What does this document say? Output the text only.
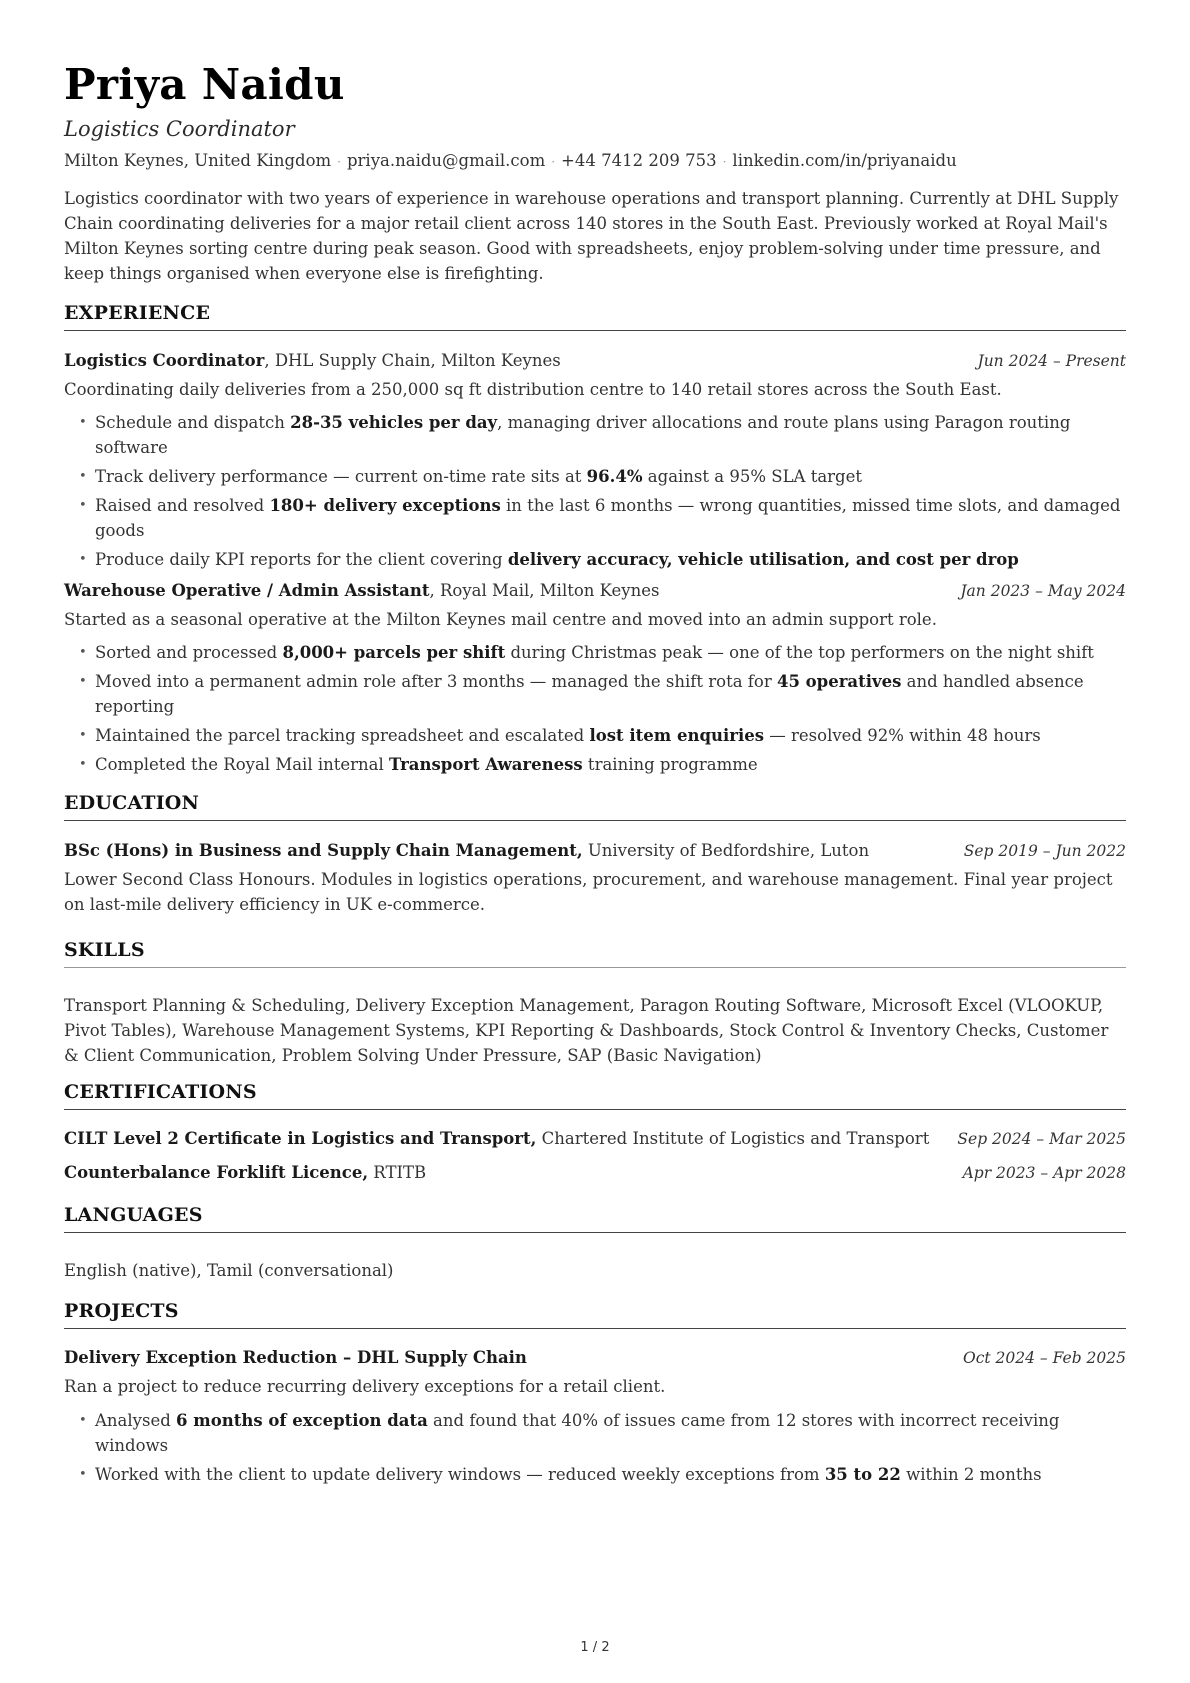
Priya Naidu
Logistics Coordinator
Milton Keynes, United Kingdom · priya.naidu@gmail.com · +44 7412 209 753 · linkedin.com/in/priyanaidu
Logistics coordinator with two years of experience in warehouse operations and transport planning. Currently at DHL Supply Chain coordinating deliveries for a major retail client across 140 stores in the South East. Previously worked at Royal Mail's Milton Keynes sorting centre during peak season. Good with spreadsheets, enjoy problem-solving under time pressure, and keep things organised when everyone else is firefighting.
EXPERIENCE
Logistics Coordinator, DHL Supply Chain, Milton Keynes	Jun 2024 – Present
Coordinating daily deliveries from a 250,000 sq ft distribution centre to 140 retail stores across the South East.
• Schedule and dispatch 28-35 vehicles per day, managing driver allocations and route plans using Paragon routing software
• Track delivery performance — current on-time rate sits at 96.4% against a 95% SLA target
• Raised and resolved 180+ delivery exceptions in the last 6 months — wrong quantities, missed time slots, and damaged goods
• Produce daily KPI reports for the client covering delivery accuracy, vehicle utilisation, and cost per drop
Warehouse Operative / Admin Assistant, Royal Mail, Milton Keynes	Jan 2023 – May 2024
Started as a seasonal operative at the Milton Keynes mail centre and moved into an admin support role.
• Sorted and processed 8,000+ parcels per shift during Christmas peak — one of the top performers on the night shift
• Moved into a permanent admin role after 3 months — managed the shift rota for 45 operatives and handled absence reporting
• Maintained the parcel tracking spreadsheet and escalated lost item enquiries — resolved 92% within 48 hours
• Completed the Royal Mail internal Transport Awareness training programme
EDUCATION
BSc (Hons) in Business and Supply Chain Management, University of Bedfordshire, Luton	Sep 2019 – Jun 2022
Lower Second Class Honours. Modules in logistics operations, procurement, and warehouse management. Final year project on last-mile delivery efficiency in UK e-commerce.
SKILLS
Transport Planning & Scheduling, Delivery Exception Management, Paragon Routing Software, Microsoft Excel (VLOOKUP, Pivot Tables), Warehouse Management Systems, KPI Reporting & Dashboards, Stock Control & Inventory Checks, Customer & Client Communication, Problem Solving Under Pressure, SAP (Basic Navigation)
CERTIFICATIONS
CILT Level 2 Certificate in Logistics and Transport, Chartered Institute of Logistics and Transport Sep 2024 – Mar 2025
Counterbalance Forklift Licence, RTITB	Apr 2023 – Apr 2028
LANGUAGES
English (native), Tamil (conversational)
PROJECTS
Delivery Exception Reduction – DHL Supply Chain	Oct 2024 – Feb 2025
Ran a project to reduce recurring delivery exceptions for a retail client.
• Analysed 6 months of exception data and found that 40% of issues came from 12 stores with incorrect receiving windows
• Worked with the client to update delivery windows — reduced weekly exceptions from 35 to 22 within 2 months
1 / 2
